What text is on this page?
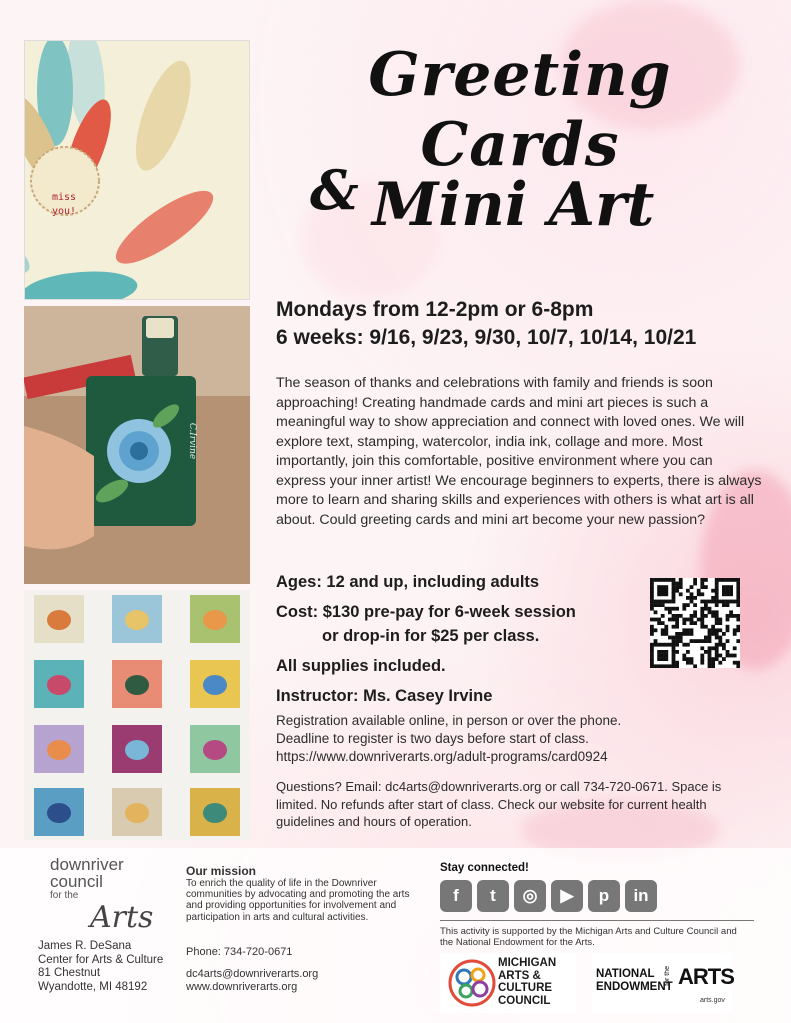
miss
you!
C.Irvine
Greeting Cards
& Mini Art
Mondays from 12-2pm or 6-8pm
6 weeks: 9/16, 9/23, 9/30, 10/7, 10/14, 10/21
The season of thanks and celebrations with family and friends is soon approaching! Creating handmade cards and mini art pieces is such a meaningful way to show appreciation and connect with loved ones. We will explore text, stamping, watercolor, india ink, collage and more. Most importantly, join this comfortable, positive environment where you can express your inner artist! We encourage beginners to experts, there is always more to learn and sharing skills and experiences with others is what art is all about. Could greeting cards and mini art become your new passion?
Ages: 12 and up, including adults
Cost: $130 pre-pay for 6-week session
or drop-in for $25 per class.
All supplies included.
Instructor: Ms. Casey Irvine
Registration available online, in person or over the phone.
Deadline to register is two days before start of class.
https://www.downriverarts.org/adult-programs/card0924
Questions? Email: dc4arts@downriverarts.org or call 734-720-0671. Space is limited. No refunds after start of class. Check our website for current health guidelines and hours of operation.
downriver
council
for the
Arts
James R. DeSana
Center for Arts & Culture
81 Chestnut
Wyandotte, MI 48192
Our mission

To enrich the quality of life in the Downriver communities by advocating and promoting the arts and providing opportunities for involvement and participation in arts and cultural activities.

Phone: 734-720-0671
dc4arts@downriverarts.org
www.downriverarts.org
Stay connected!
f	t	◎	▶	p	in
This activity is supported by the Michigan Arts and Culture Council and the National Endowment for the Arts.
MICHIGAN
ARTS &
CULTURE
COUNCIL
NATIONAL
ENDOWMENT
for the ARTS
arts.gov
